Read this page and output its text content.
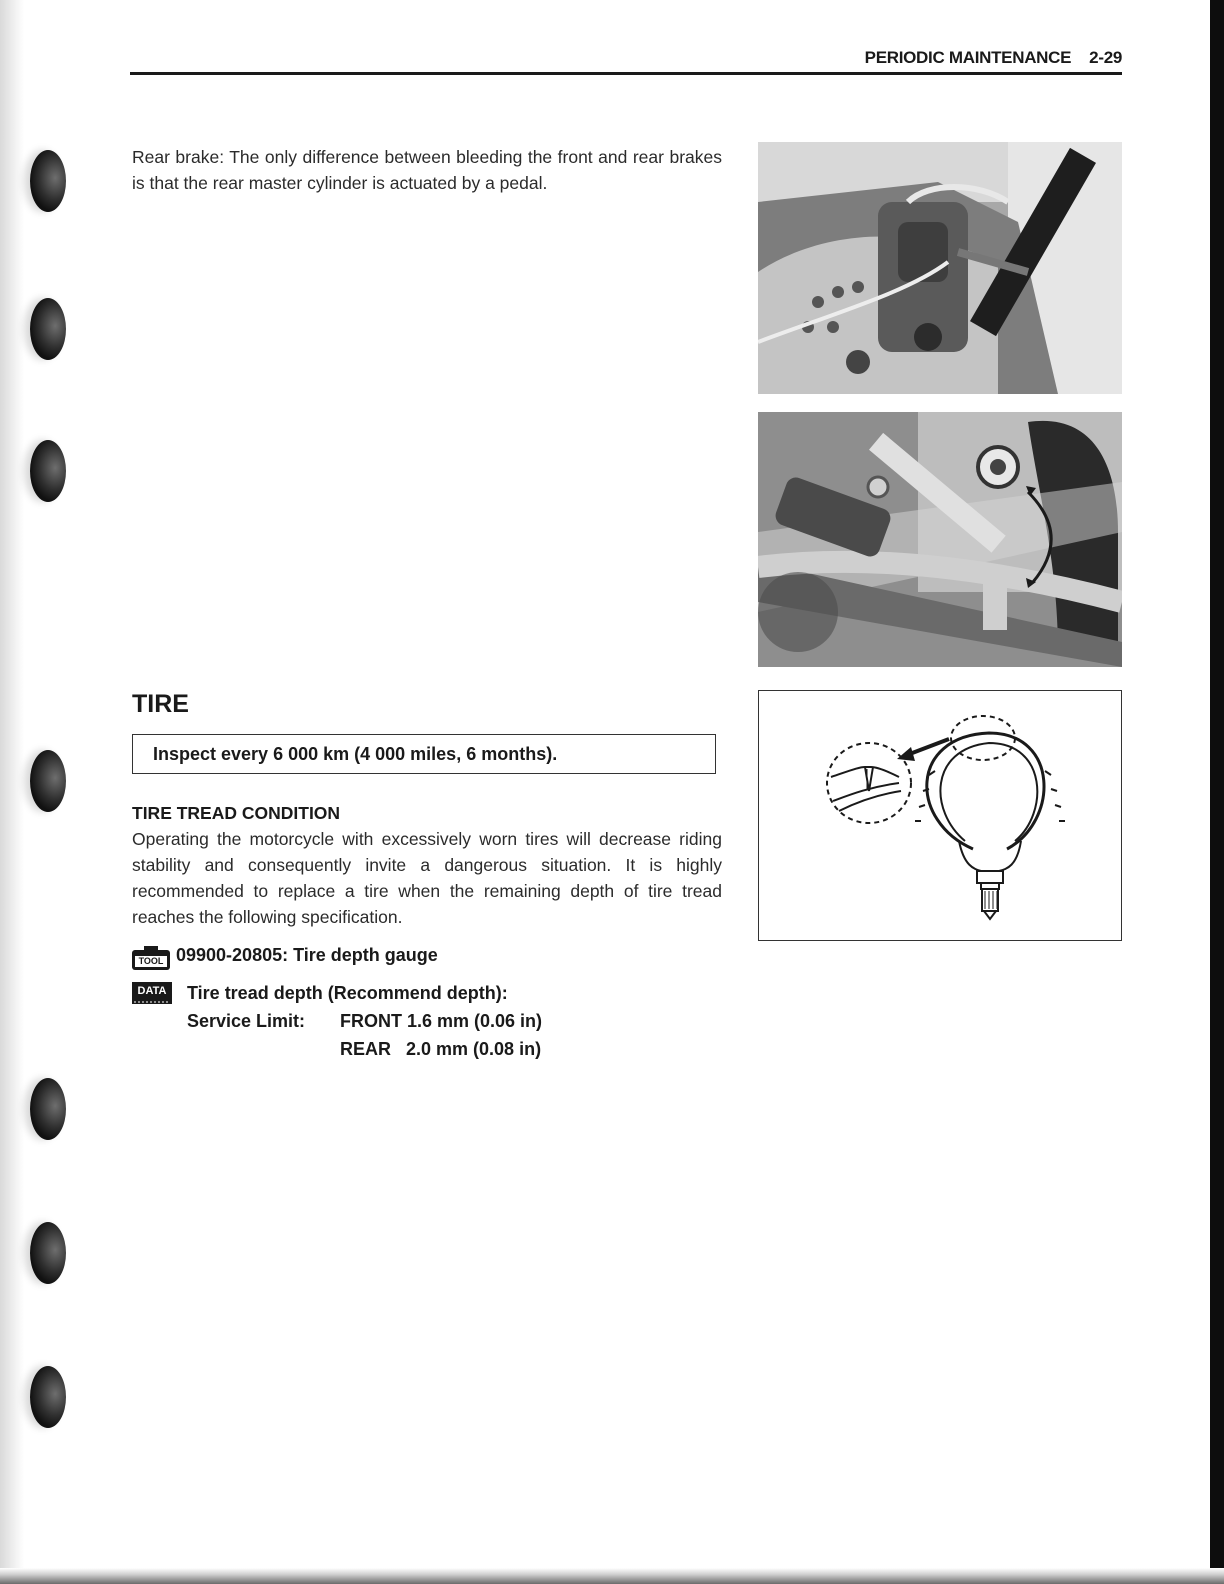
PERIODIC MAINTENANCE 2-29

Rear brake: The only difference between bleeding the front and rear brakes is that the rear master cylinder is actuated by a pedal.

TIRE
Inspect every 6 000 km (4 000 miles, 6 months).
TIRE TREAD CONDITION

Operating the motorcycle with excessively worn tires will decrease riding stability and consequently invite a dangerous situation. It is highly recommended to replace a tire when the remaining depth of tire tread reaches the following specification.

TOOL 09900-20805: Tire depth gauge
DATA	Tire tread depth (Recommend depth):
Service Limit: FRONT 1.6 mm (0.06 in)
REAR   2.0 mm (0.08 in)
